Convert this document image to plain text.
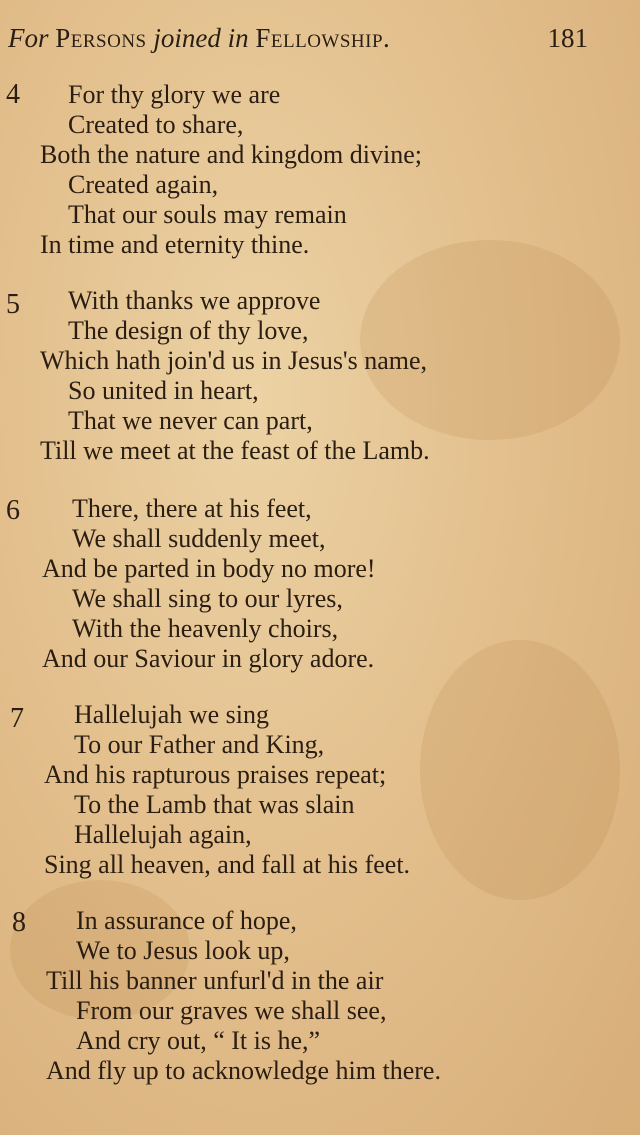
For Persons joined in Fellowship.	181
4 For thy glory we are
Created to share,
Both the nature and kingdom divine;
Created again,
That our souls may remain
In time and eternity thine.
5 With thanks we approve
The design of thy love,
Which hath join'd us in Jesus's name,
So united in heart,
That we never can part,
Till we meet at the feast of the Lamb.
6 There, there at his feet,
We shall suddenly meet,
And be parted in body no more!
We shall sing to our lyres,
With the heavenly choirs,
And our Saviour in glory adore.
7 Hallelujah we sing
To our Father and King,
And his rapturous praises repeat;
To the Lamb that was slain
Hallelujah again,
Sing all heaven, and fall at his feet.
8 In assurance of hope,
We to Jesus look up,
Till his banner unfurl'd in the air
From our graves we shall see,
And cry out, “ It is he,”
And fly up to acknowledge him there.
